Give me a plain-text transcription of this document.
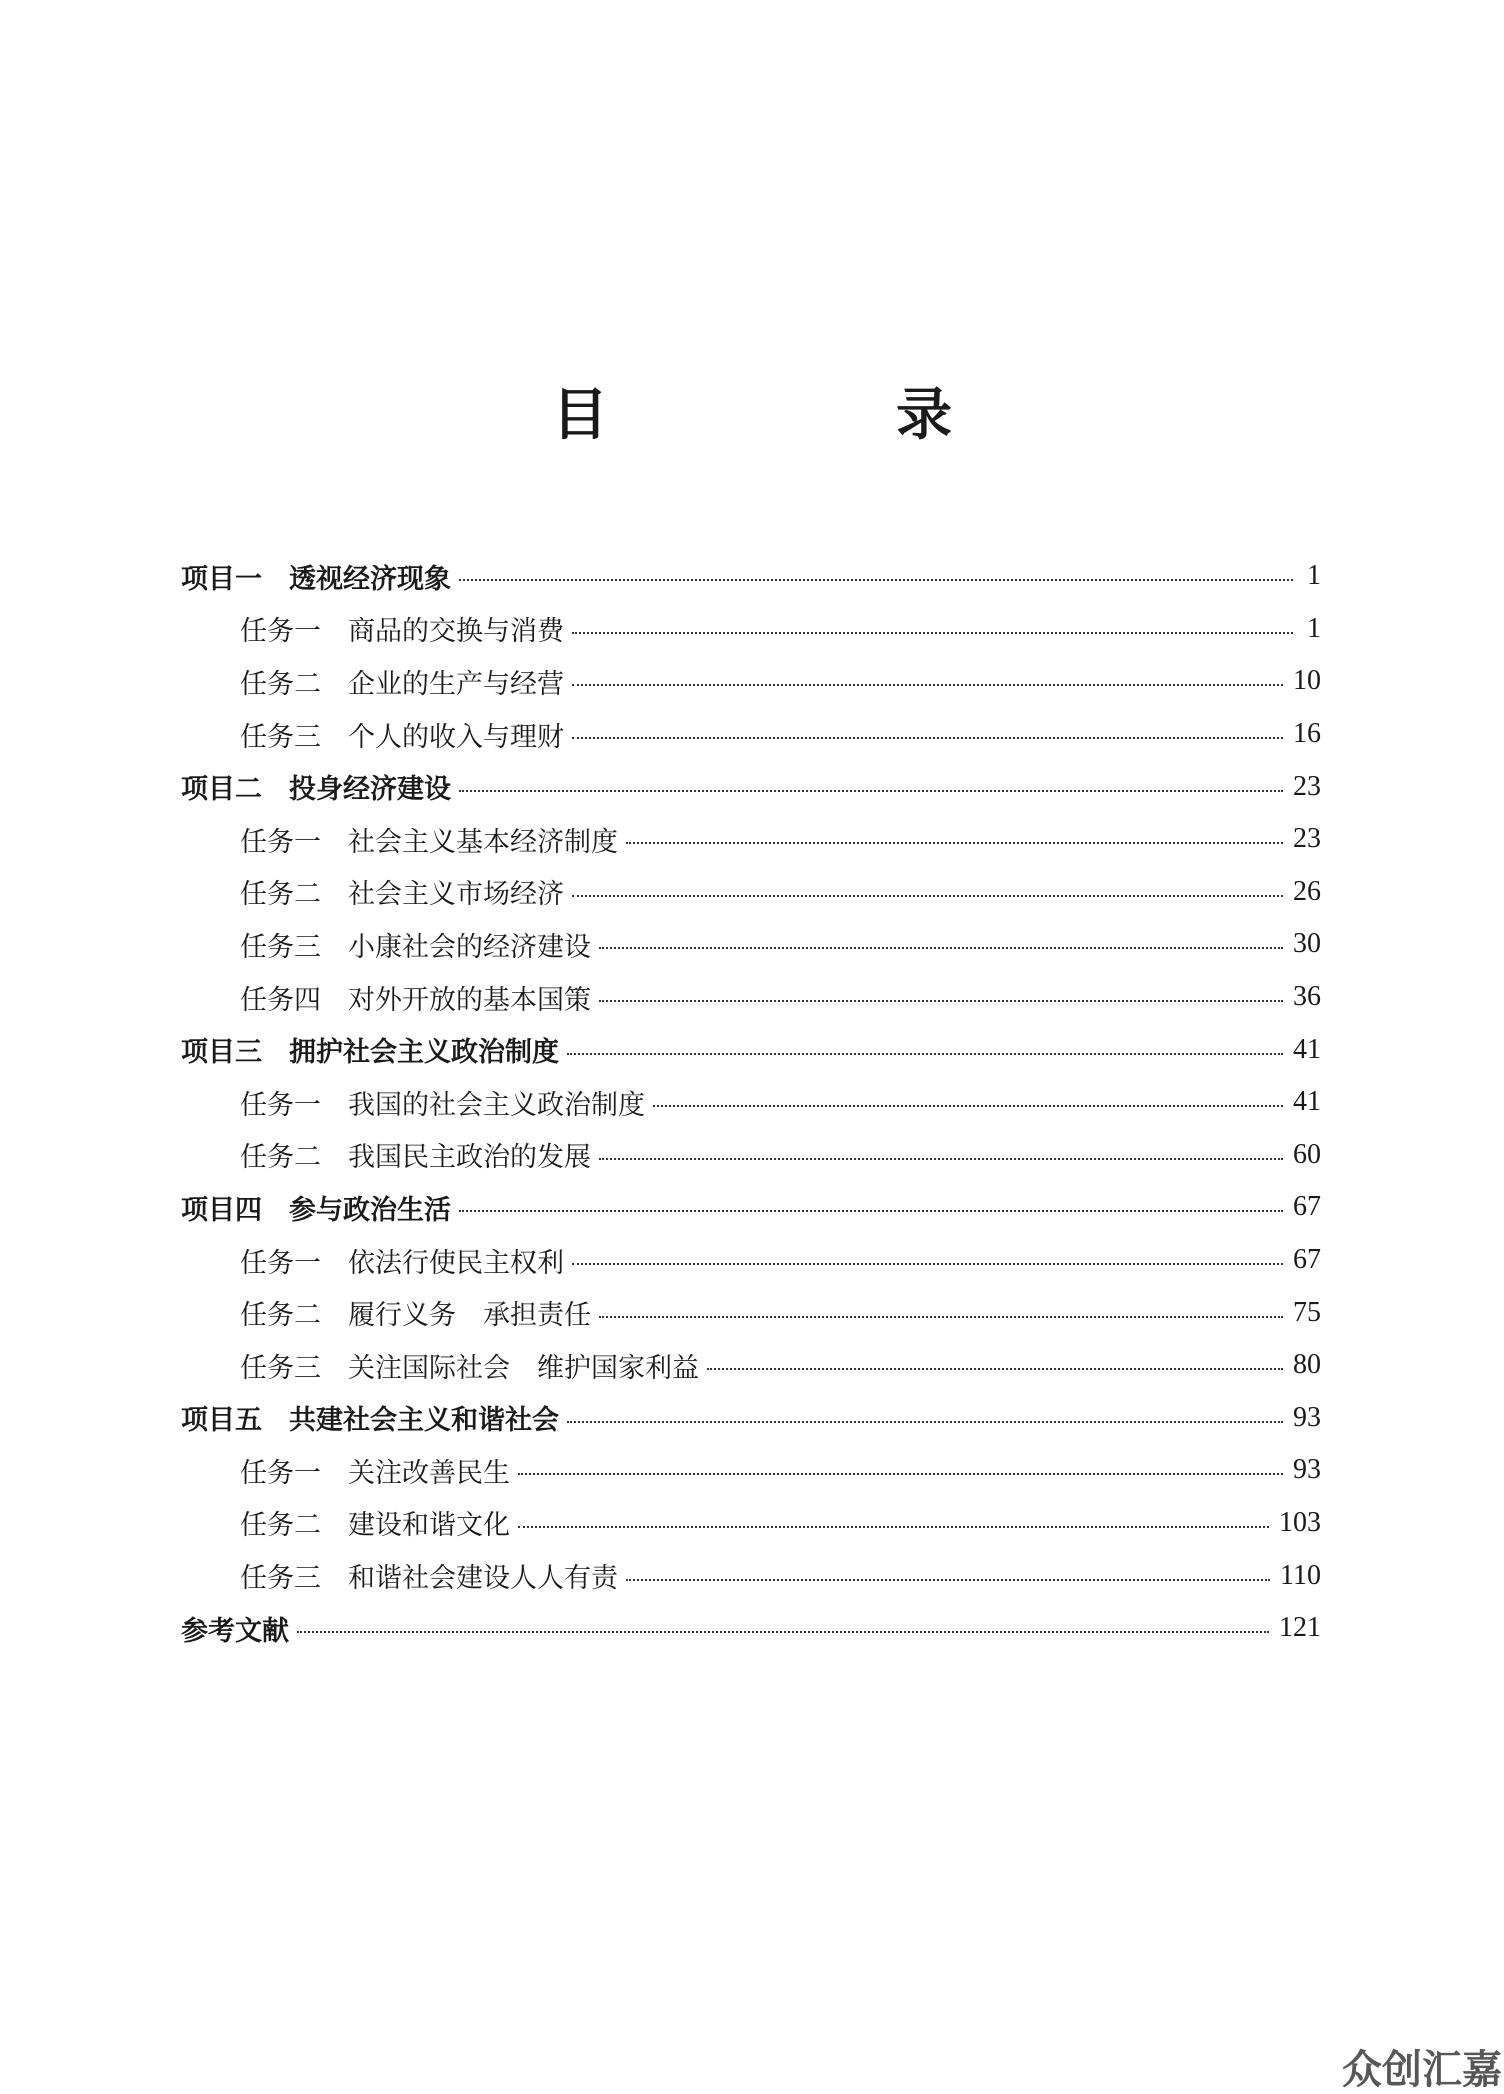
目　录
项目一　透视经济现象	1
任务一　商品的交换与消费	1
任务二　企业的生产与经营	10
任务三　个人的收入与理财	16
项目二　投身经济建设	23
任务一　社会主义基本经济制度	23
任务二　社会主义市场经济	26
任务三　小康社会的经济建设	30
任务四　对外开放的基本国策	36
项目三　拥护社会主义政治制度	41
任务一　我国的社会主义政治制度	41
任务二　我国民主政治的发展	60
项目四　参与政治生活	67
任务一　依法行使民主权利	67
任务二　履行义务　承担责任	75
任务三　关注国际社会　维护国家利益	80
项目五　共建社会主义和谐社会	93
任务一　关注改善民生	93
任务二　建设和谐文化	103
任务三　和谐社会建设人人有责	110
参考文献	121
众创汇嘉
